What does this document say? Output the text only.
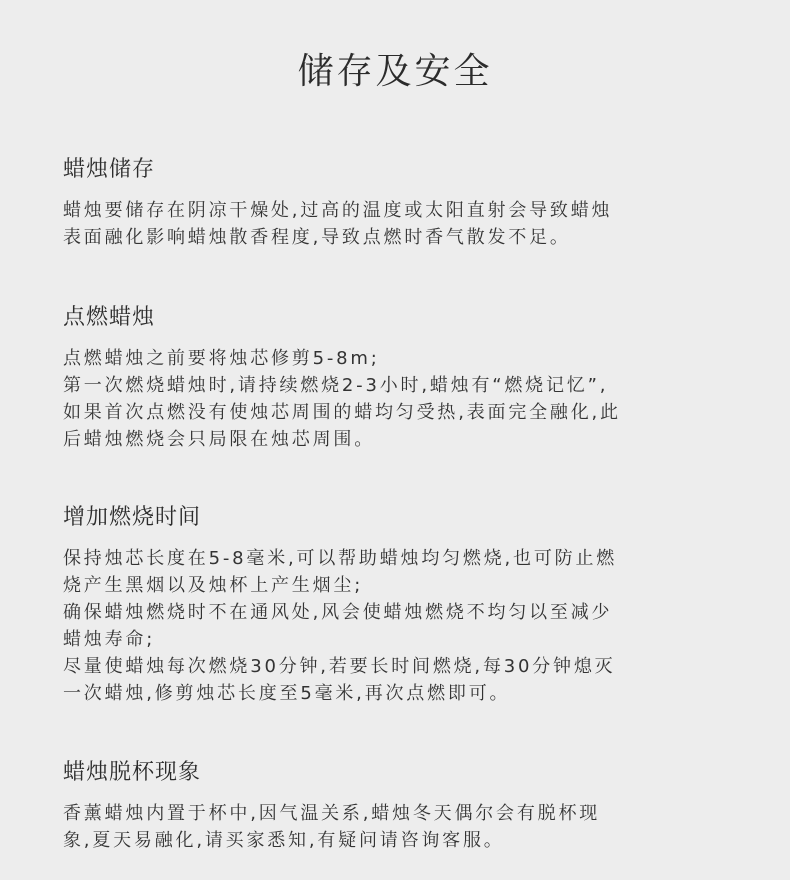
储存及安全
蜡烛储存

蜡烛要储存在阴凉干燥处,过高的温度或太阳直射会导致蜡烛

表面融化影响蜡烛散香程度,导致点燃时香气散发不足。

点燃蜡烛

点燃蜡烛之前要将烛芯修剪5-8m;

第一次燃烧蜡烛时,请持续燃烧2-3小时,蜡烛有“燃烧记忆”,

如果首次点燃没有使烛芯周围的蜡均匀受热,表面完全融化,此

后蜡烛燃烧会只局限在烛芯周围。

增加燃烧时间

保持烛芯长度在5-8毫米,可以帮助蜡烛均匀燃烧,也可防止燃

烧产生黑烟以及烛杯上产生烟尘;

确保蜡烛燃烧时不在通风处,风会使蜡烛燃烧不均匀以至减少

蜡烛寿命;

尽量使蜡烛每次燃烧30分钟,若要长时间燃烧,每30分钟熄灭

一次蜡烛,修剪烛芯长度至5毫米,再次点燃即可。

蜡烛脱杯现象

香薰蜡烛内置于杯中,因气温关系,蜡烛冬天偶尔会有脱杯现

象,夏天易融化,请买家悉知,有疑问请咨询客服。
